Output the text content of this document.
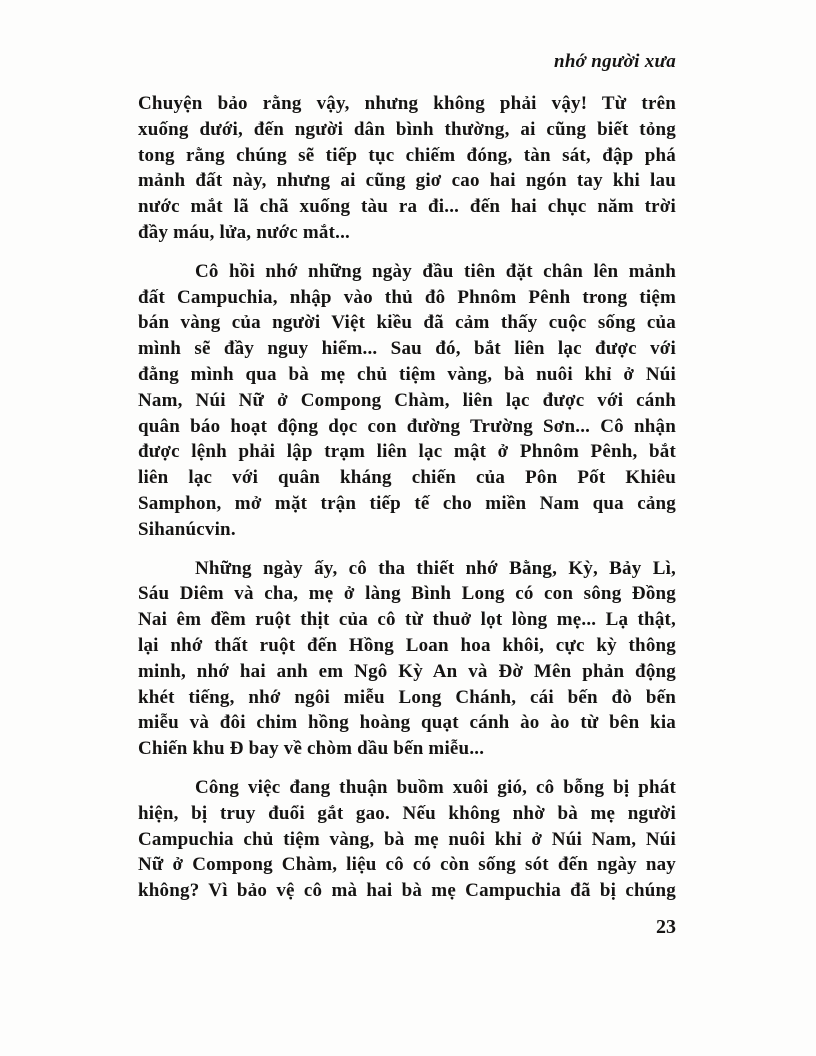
nhớ người xưa
Chuyện bảo rằng vậy, nhưng không phải vậy! Từ trên
xuống dưới, đến người dân bình thường, ai cũng biết tỏng
tong rằng chúng sẽ tiếp tục chiếm đóng, tàn sát, đập phá
mảnh đất này, nhưng ai cũng giơ cao hai ngón tay khi lau
nước mắt lã chã xuống tàu ra đi... đến hai chục năm trời
đầy máu, lửa, nước mắt...
Cô hồi nhớ những ngày đầu tiên đặt chân lên mảnh
đất Campuchia, nhập vào thủ đô Phnôm Pênh trong tiệm
bán vàng của người Việt kiều đã cảm thấy cuộc sống của
mình sẽ đầy nguy hiểm... Sau đó, bắt liên lạc được với
đằng mình qua bà mẹ chủ tiệm vàng, bà nuôi khỉ ở Núi
Nam, Núi Nữ ở Compong Chàm, liên lạc được với cánh
quân báo hoạt động dọc con đường Trường Sơn... Cô nhận
được lệnh phải lập trạm liên lạc mật ở Phnôm Pênh, bắt
liên lạc với quân kháng chiến của Pôn Pốt Khiêu
Samphon, mở mặt trận tiếp tế cho miền Nam qua cảng
Sihanúcvin.
Những ngày ấy, cô tha thiết nhớ Bằng, Kỳ, Bảy Lì,
Sáu Diêm và cha, mẹ ở làng Bình Long có con sông Đồng
Nai êm đềm ruột thịt của cô từ thuở lọt lòng mẹ... Lạ thật,
lại nhớ thất ruột đến Hồng Loan hoa khôi, cực kỳ thông
minh, nhớ hai anh em Ngô Kỳ An và Đờ Mên phản động
khét tiếng, nhớ ngôi miễu Long Chánh, cái bến đò bến
miễu và đôi chim hồng hoàng quạt cánh ào ào từ bên kia
Chiến khu Đ bay về chòm dầu bến miễu...
Công việc đang thuận buồm xuôi gió, cô bỗng bị phát
hiện, bị truy đuổi gắt gao. Nếu không nhờ bà mẹ người
Campuchia chủ tiệm vàng, bà mẹ nuôi khỉ ở Núi Nam, Núi
Nữ ở Compong Chàm, liệu cô có còn sống sót đến ngày nay
không? Vì bảo vệ cô mà hai bà mẹ Campuchia đã bị chúng
23
